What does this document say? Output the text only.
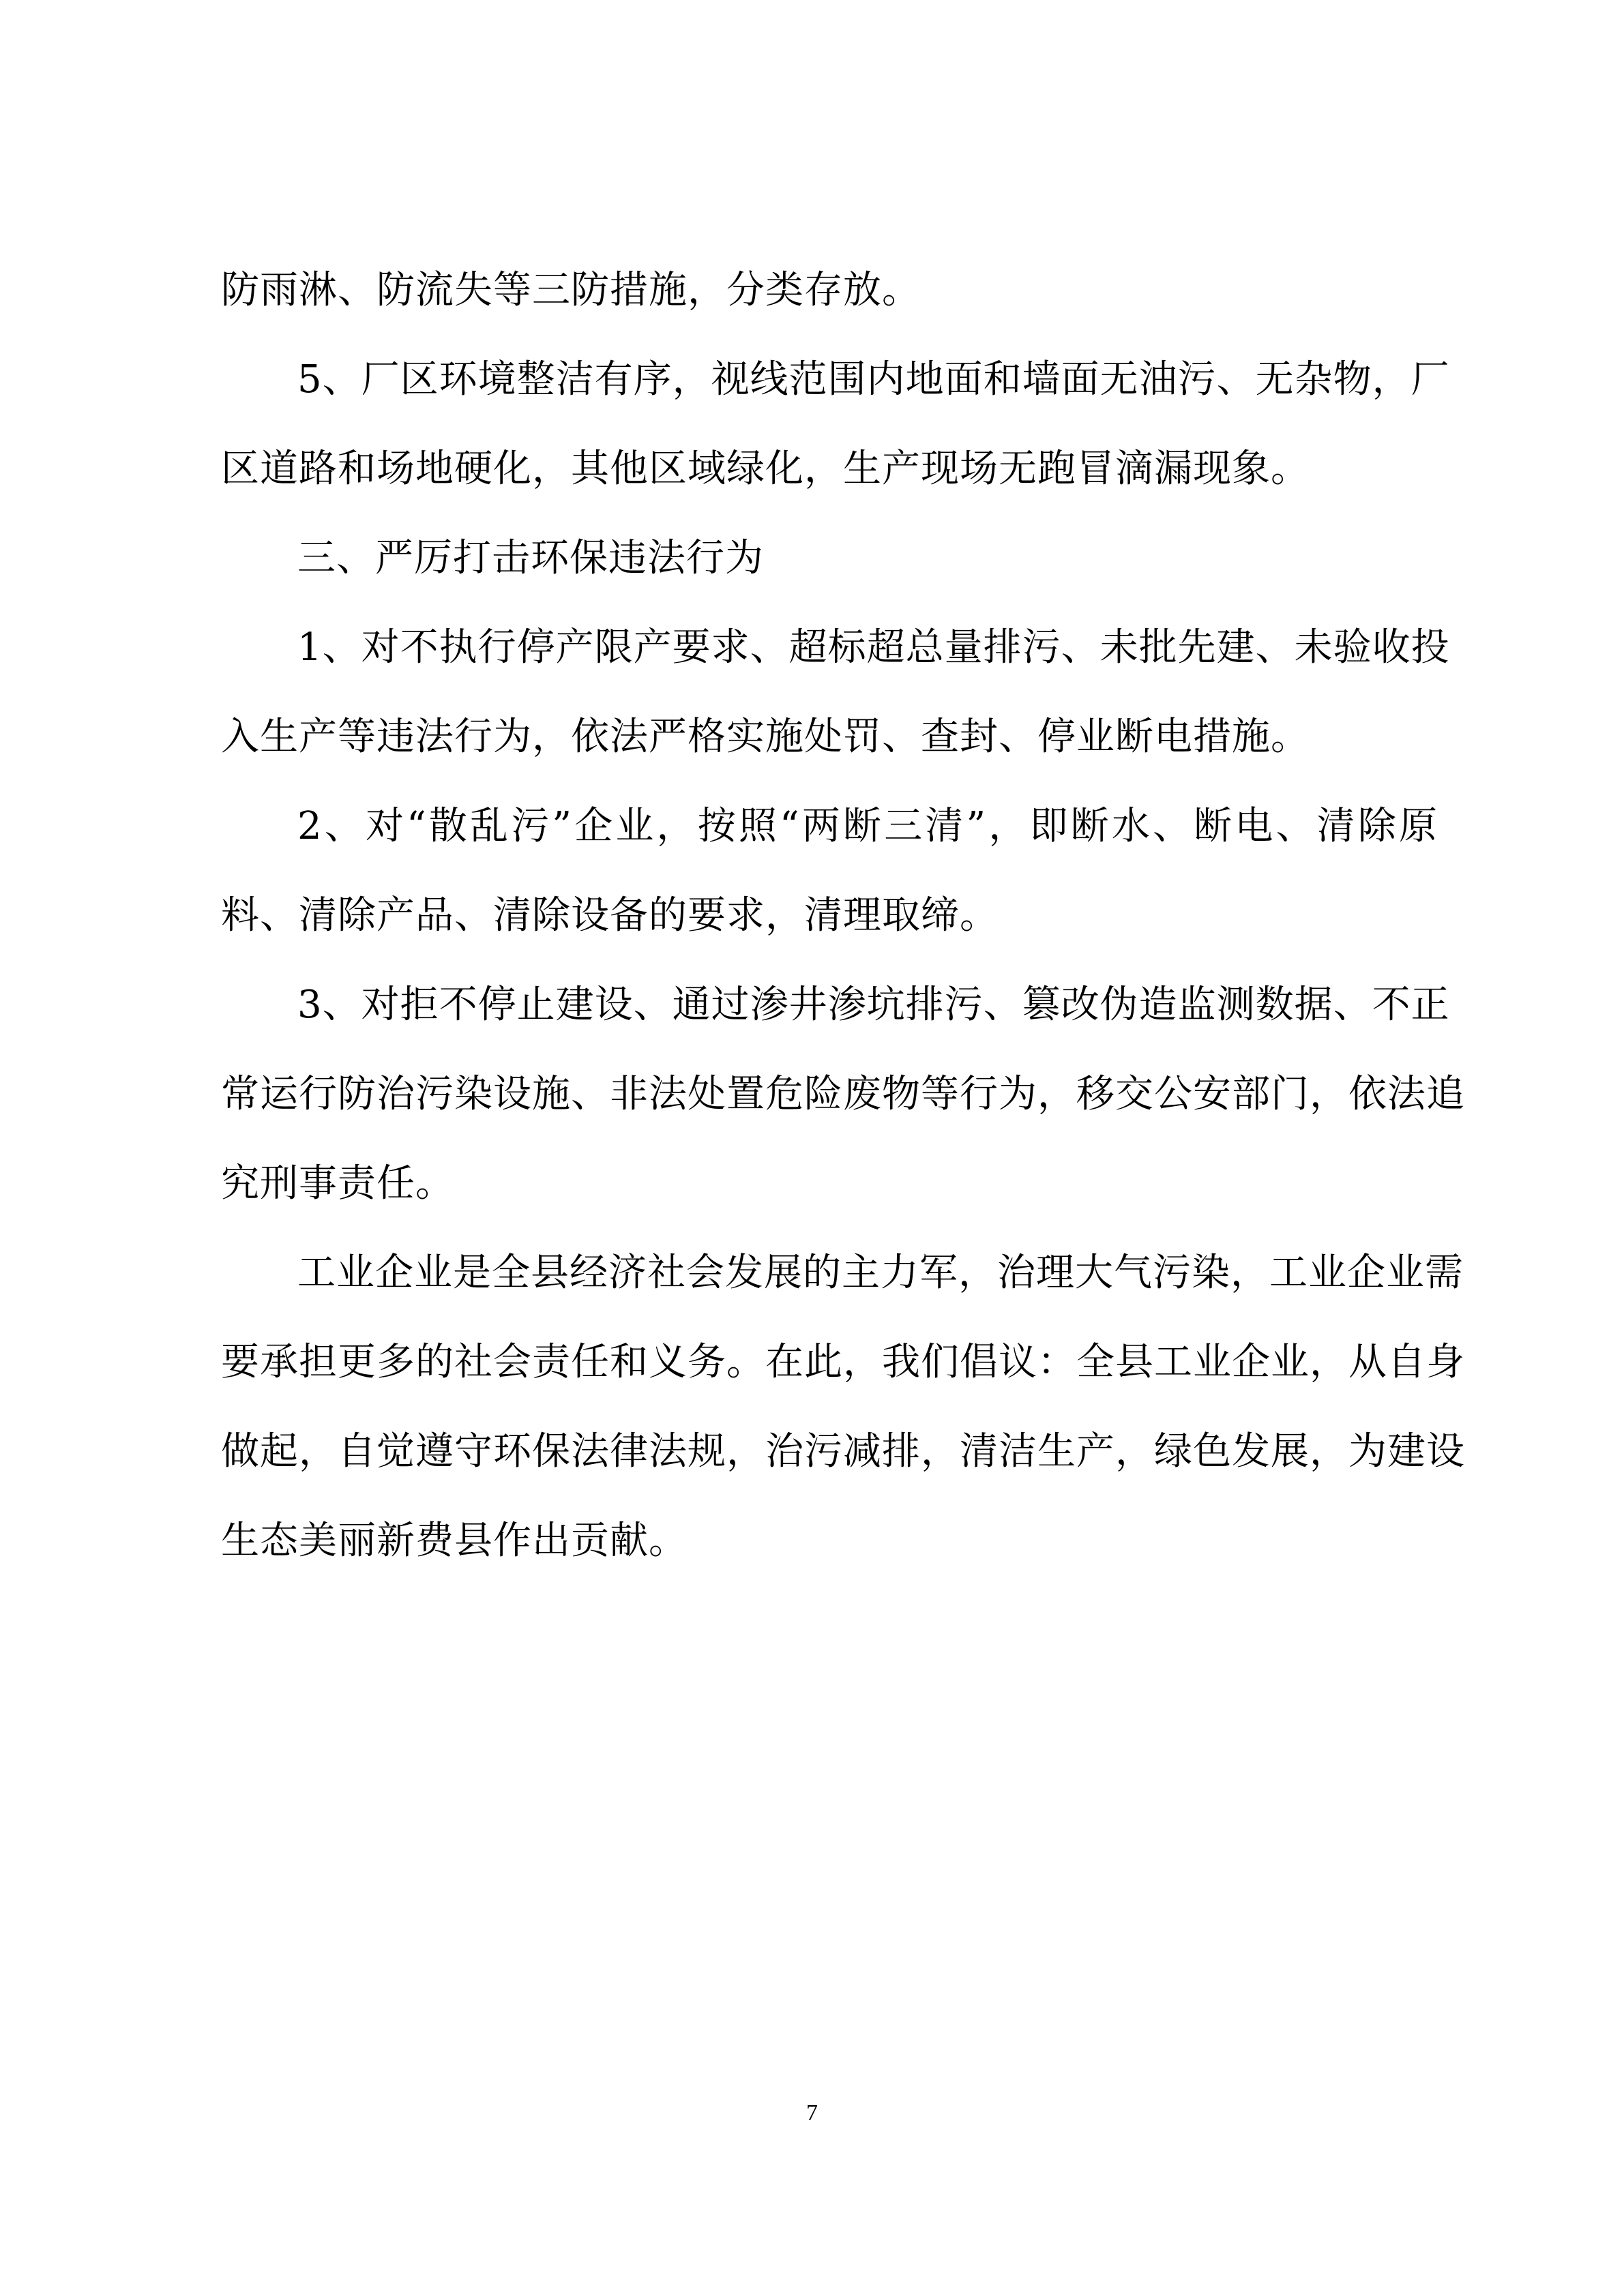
防雨淋、防流失等三防措施，分类存放。
5、厂区环境整洁有序，视线范围内地面和墙面无油污、无杂物，厂
区道路和场地硬化，其他区域绿化，生产现场无跑冒滴漏现象。
三、严厉打击环保违法行为
1、对不执行停产限产要求、超标超总量排污、未批先建、未验收投
入生产等违法行为，依法严格实施处罚、查封、停业断电措施。
2、对“散乱污”企业，按照“两断三清”，即断水、断电、清除原
料、清除产品、清除设备的要求，清理取缔。
3、对拒不停止建设、通过渗井渗坑排污、篡改伪造监测数据、不正
常运行防治污染设施、非法处置危险废物等行为，移交公安部门，依法追
究刑事责任。
工业企业是全县经济社会发展的主力军，治理大气污染，工业企业需
要承担更多的社会责任和义务。在此，我们倡议：全县工业企业，从自身
做起，自觉遵守环保法律法规，治污减排，清洁生产，绿色发展，为建设
生态美丽新费县作出贡献。
7
